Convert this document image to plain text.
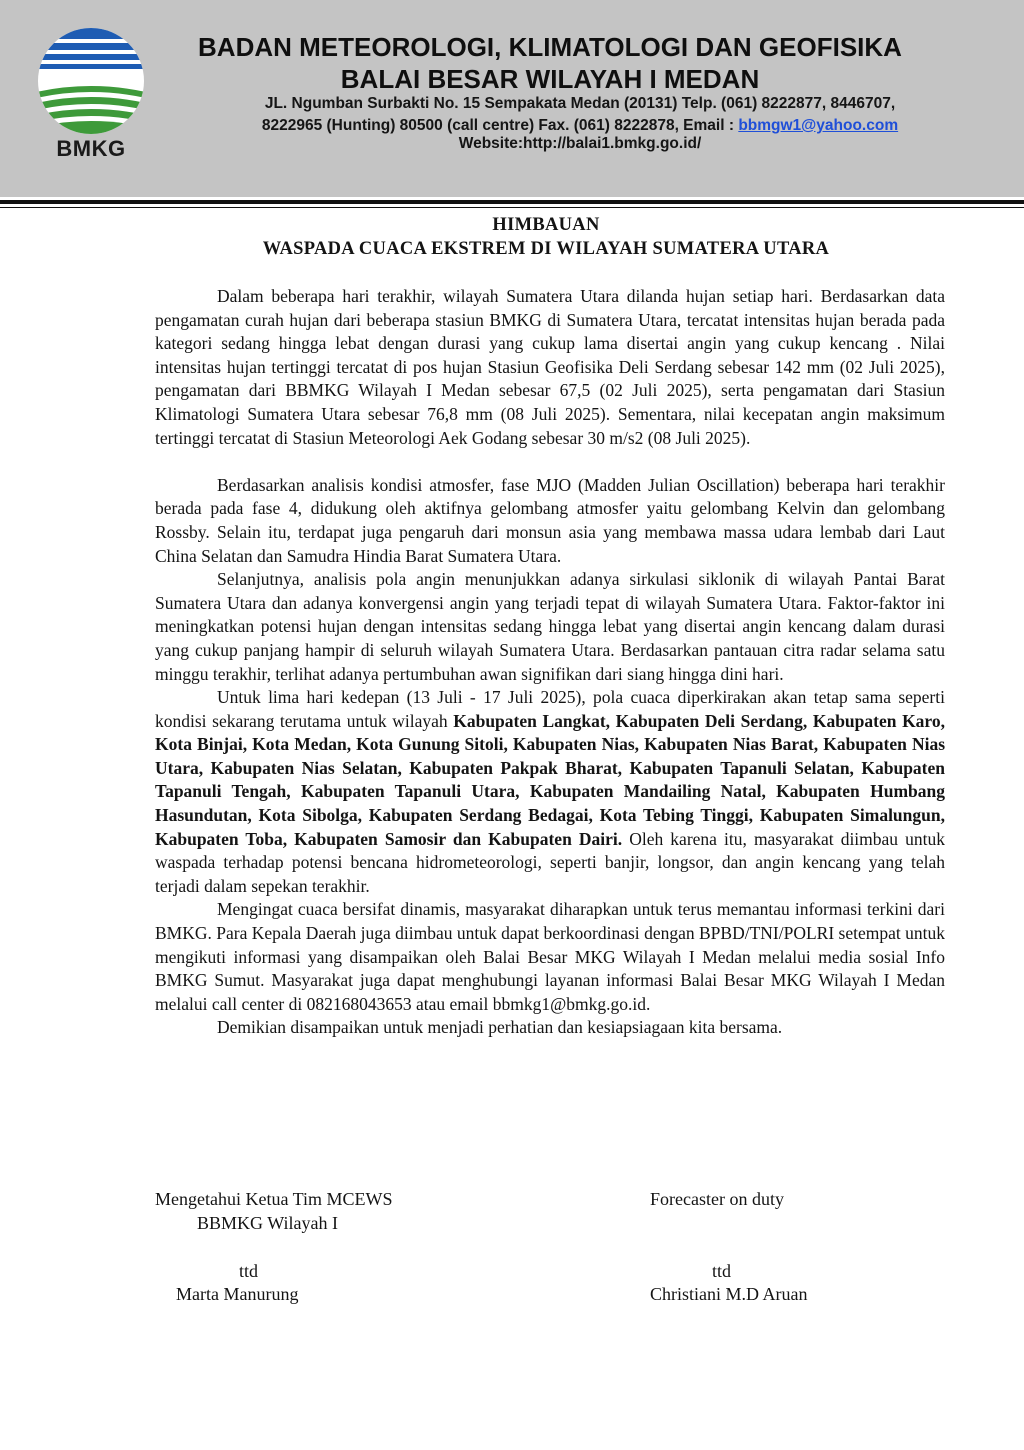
BMKG
BADAN METEOROLOGI, KLIMATOLOGI DAN GEOFISIKA
BALAI BESAR WILAYAH I MEDAN
JL. Ngumban Surbakti No. 15 Sempakata Medan (20131) Telp. (061) 8222877, 8446707,
8222965 (Hunting) 80500 (call centre) Fax. (061) 8222878, Email : bbmgw1@yahoo.com
Website:http://balai1.bmkg.go.id/
HIMBAUAN
WASPADA CUACA EKSTREM DI WILAYAH SUMATERA UTARA

Dalam beberapa hari terakhir, wilayah Sumatera Utara dilanda hujan setiap hari. Berdasarkan data pengamatan curah hujan dari beberapa stasiun BMKG di Sumatera Utara, tercatat intensitas hujan berada pada kategori sedang hingga lebat dengan durasi yang cukup lama disertai angin yang cukup kencang . Nilai intensitas hujan tertinggi tercatat di pos hujan Stasiun Geofisika Deli Serdang sebesar 142 mm (02 Juli 2025), pengamatan dari BBMKG Wilayah I Medan sebesar 67,5 (02 Juli 2025), serta pengamatan dari Stasiun Klimatologi Sumatera Utara sebesar 76,8 mm (08 Juli 2025). Sementara, nilai kecepatan angin maksimum tertinggi tercatat di Stasiun Meteorologi Aek Godang sebesar 30 m/s2 (08 Juli 2025).

Berdasarkan analisis kondisi atmosfer, fase MJO (Madden Julian Oscillation) beberapa hari terakhir berada pada fase 4, didukung oleh aktifnya gelombang atmosfer yaitu gelombang Kelvin dan gelombang Rossby. Selain itu, terdapat juga pengaruh dari monsun asia yang membawa massa udara lembab dari Laut China Selatan dan Samudra Hindia Barat Sumatera Utara.

Selanjutnya, analisis pola angin menunjukkan adanya sirkulasi siklonik di wilayah Pantai Barat Sumatera Utara dan adanya konvergensi angin yang terjadi tepat di wilayah Sumatera Utara. Faktor-faktor ini meningkatkan potensi hujan dengan intensitas sedang hingga lebat yang disertai angin kencang dalam durasi yang cukup panjang hampir di seluruh wilayah Sumatera Utara. Berdasarkan pantauan citra radar selama satu minggu terakhir, terlihat adanya pertumbuhan awan signifikan dari siang hingga dini hari.

Untuk lima hari kedepan (13 Juli - 17 Juli 2025), pola cuaca diperkirakan akan tetap sama seperti kondisi sekarang terutama untuk wilayah Kabupaten Langkat, Kabupaten Deli Serdang, Kabupaten Karo, Kota Binjai, Kota Medan, Kota Gunung Sitoli, Kabupaten Nias, Kabupaten Nias Barat, Kabupaten Nias Utara, Kabupaten Nias Selatan, Kabupaten Pakpak Bharat, Kabupaten Tapanuli Selatan, Kabupaten Tapanuli Tengah, Kabupaten Tapanuli Utara, Kabupaten Mandailing Natal, Kabupaten Humbang Hasundutan, Kota Sibolga, Kabupaten Serdang Bedagai, Kota Tebing Tinggi, Kabupaten Simalungun, Kabupaten Toba, Kabupaten Samosir dan Kabupaten Dairi. Oleh karena itu, masyarakat diimbau untuk waspada terhadap potensi bencana hidrometeorologi, seperti banjir, longsor, dan angin kencang yang telah terjadi dalam sepekan terakhir.

Mengingat cuaca bersifat dinamis, masyarakat diharapkan untuk terus memantau informasi terkini dari BMKG. Para Kepala Daerah juga diimbau untuk dapat berkoordinasi dengan BPBD/TNI/POLRI setempat untuk mengikuti informasi yang disampaikan oleh Balai Besar MKG Wilayah I Medan melalui media sosial Info BMKG Sumut. Masyarakat juga dapat menghubungi layanan informasi Balai Besar MKG Wilayah I Medan melalui call center di 082168043653 atau email bbmkg1@bmkg.go.id.

Demikian disampaikan untuk menjadi perhatian dan kesiapsiagaan kita bersama.

Mengetahui Ketua Tim MCEWS
BBMKG Wilayah I
ttd
Marta Manurung
Forecaster on duty
ttd
Christiani M.D Aruan
